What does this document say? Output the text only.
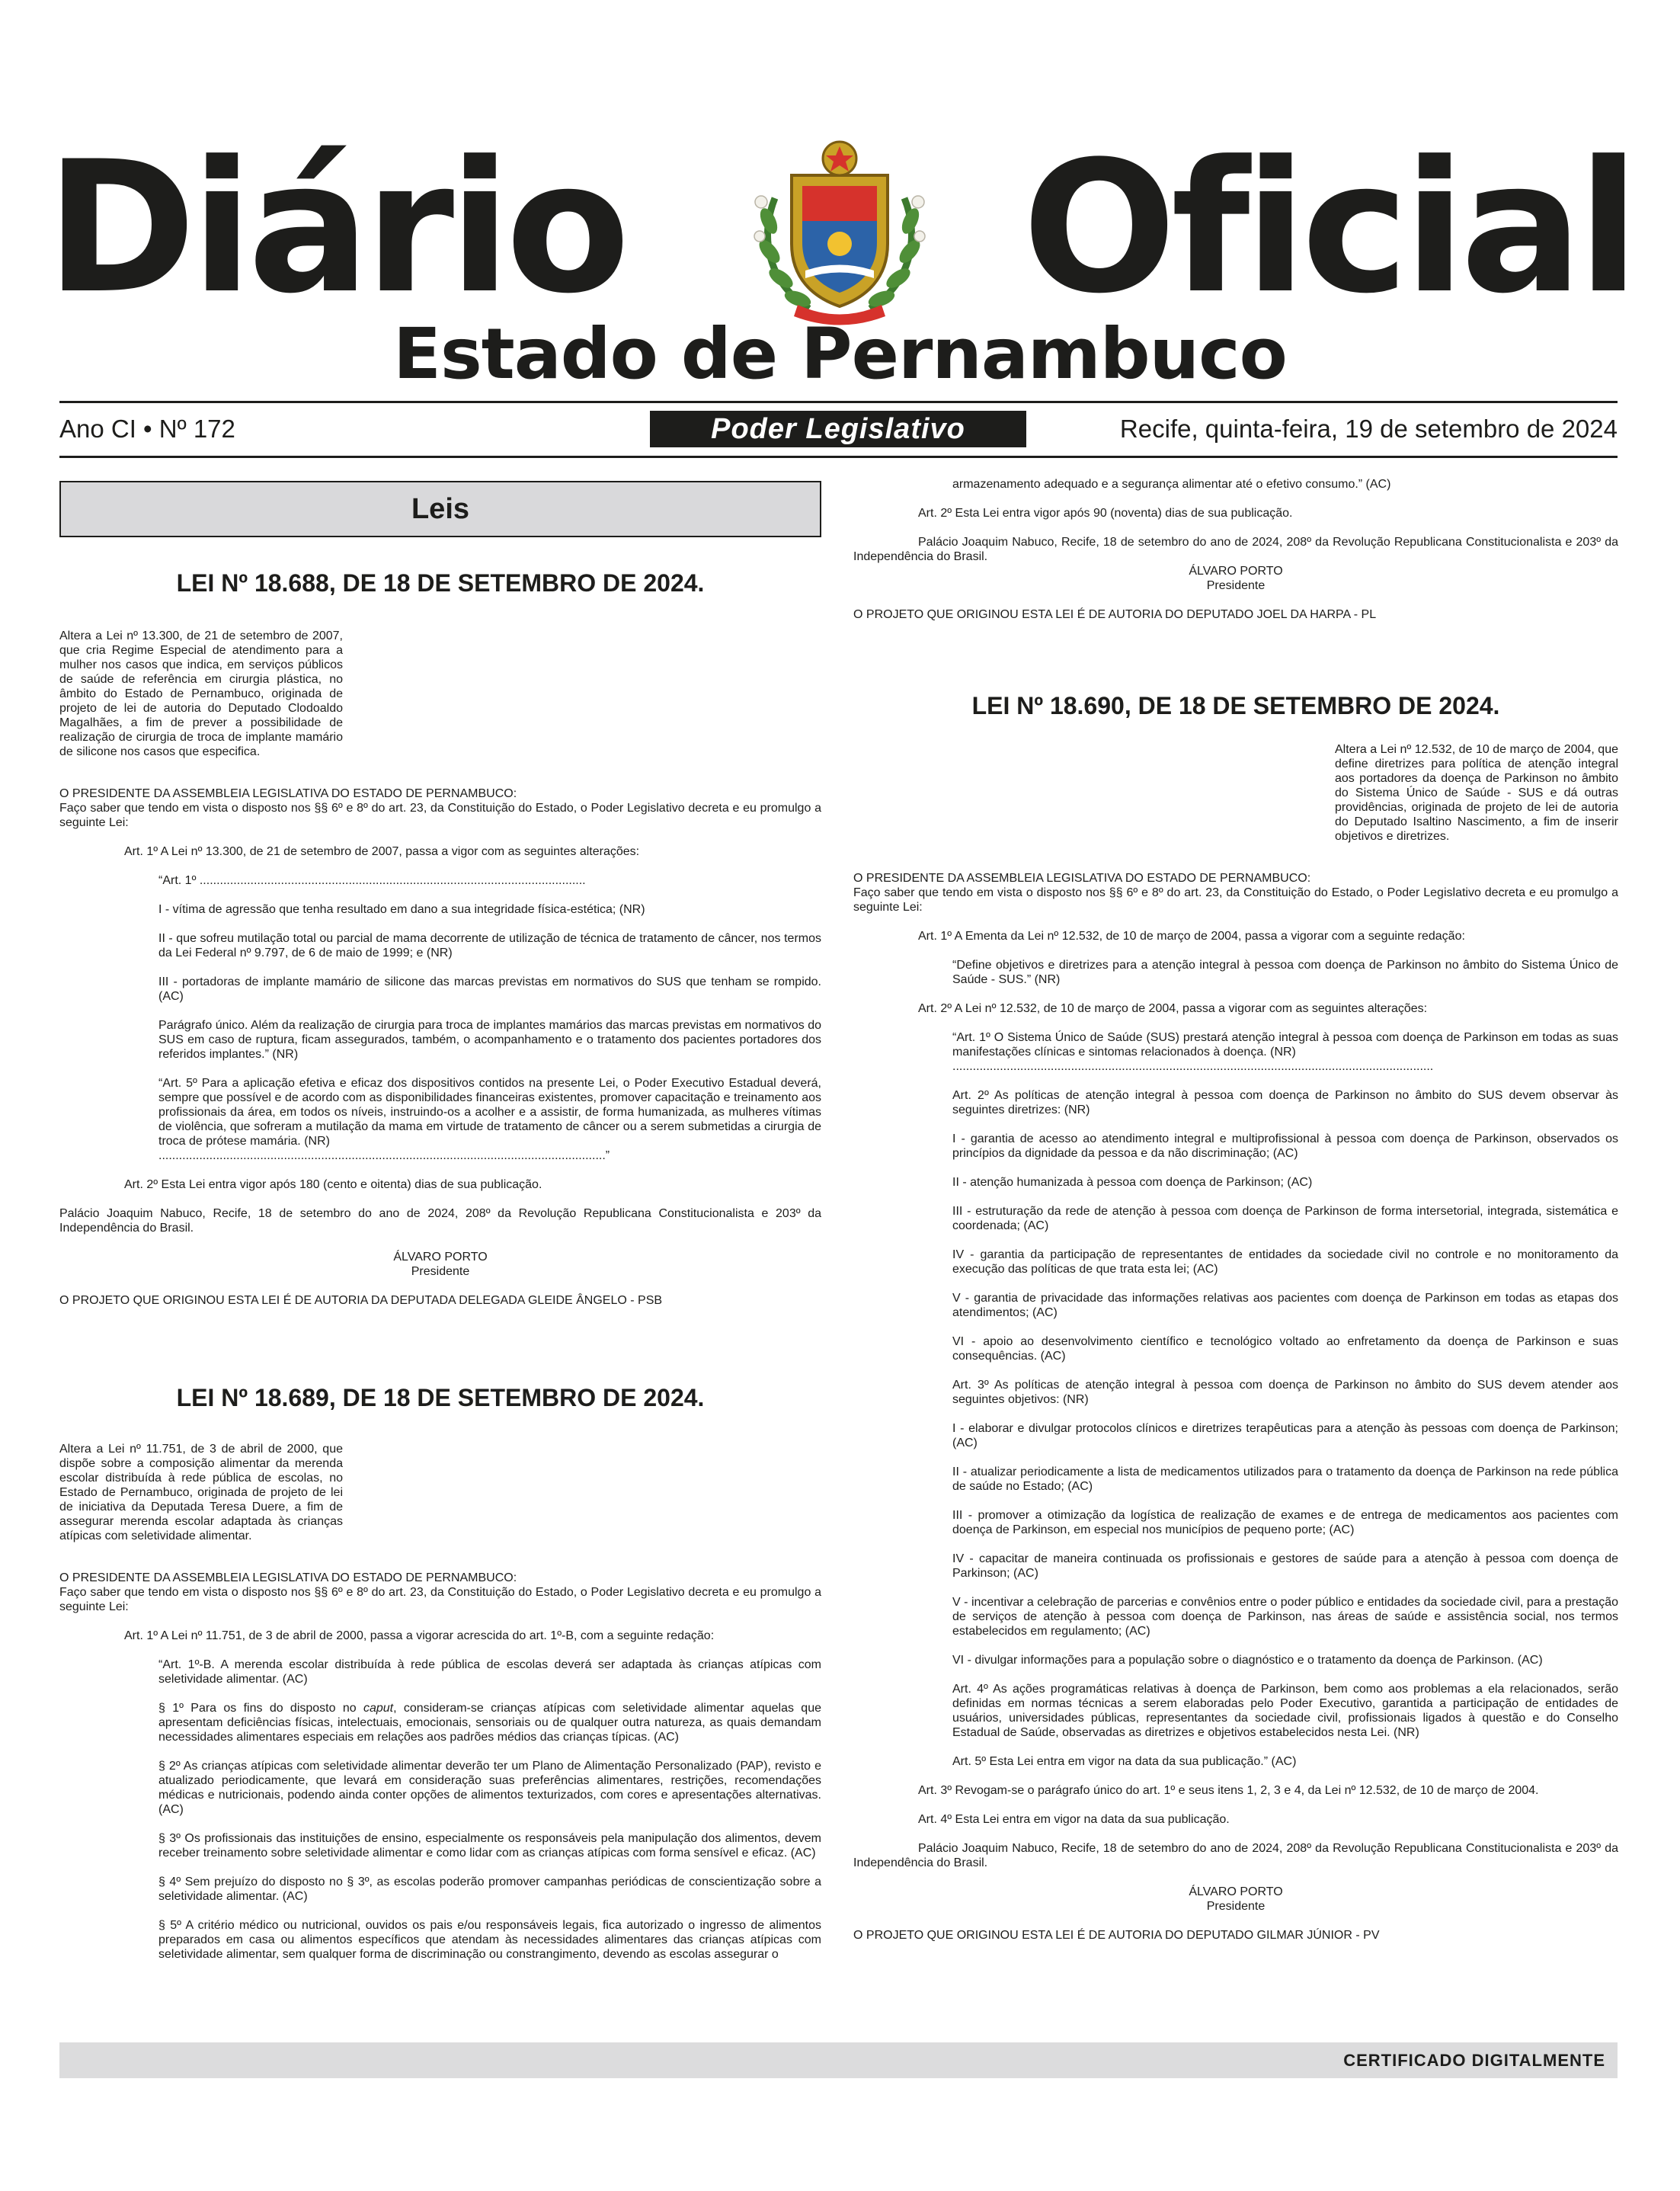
Diário Oficial
Estado de Pernambuco
Ano CI • Nº 172	Poder Legislativo	Recife, quinta-feira, 19 de setembro de 2024
Leis
LEI Nº 18.688, DE 18 DE SETEMBRO DE 2024.

Altera a Lei nº 13.300, de 21 de setembro de 2007, que cria Regime Especial de atendimento para a mulher nos casos que indica, em serviços públicos de saúde de referência em cirurgia plástica, no âmbito do Estado de Pernambuco, originada de projeto de lei de autoria do Deputado Clodoaldo Magalhães, a fim de prever a possibilidade de realização de cirurgia de troca de implante mamário de silicone nos casos que especifica.

O PRESIDENTE DA ASSEMBLEIA LEGISLATIVA DO ESTADO DE PERNAMBUCO:

Faço saber que tendo em vista o disposto nos §§ 6º e 8º do art. 23, da Constituição do Estado, o Poder Legislativo decreta e eu promulgo a seguinte Lei:

Art. 1º A Lei nº 13.300, de 21 de setembro de 2007, passa a vigor com as seguintes alterações:

“Art. 1º ..................................................................................................................

I - vítima de agressão que tenha resultado em dano a sua integridade física-estética; (NR)

II - que sofreu mutilação total ou parcial de mama decorrente de utilização de técnica de tratamento de câncer, nos termos da Lei Federal nº 9.797, de 6 de maio de 1999; e (NR)

III - portadoras de implante mamário de silicone das marcas previstas em normativos do SUS que tenham se rompido. (AC)

Parágrafo único. Além da realização de cirurgia para troca de implantes mamários das marcas previstas em normativos do SUS em caso de ruptura, ficam assegurados, também, o acompanhamento e o tratamento dos pacientes portadores dos referidos implantes.” (NR)

“Art. 5º Para a aplicação efetiva e eficaz dos dispositivos contidos na presente Lei, o Poder Executivo Estadual deverá, sempre que possível e de acordo com as disponibilidades financeiras existentes, promover capacitação e treinamento aos profissionais da área, em todos os níveis, instruindo-os a acolher e a assistir, de forma humanizada, as mulheres vítimas de violência, que sofreram a mutilação da mama em virtude de tratamento de câncer ou a serem submetidas a cirurgia de troca de prótese mamária. (NR)

....................................................................................................................................”

Art. 2º Esta Lei entra vigor após 180 (cento e oitenta) dias de sua publicação.

Palácio Joaquim Nabuco, Recife, 18 de setembro do ano de 2024, 208º da Revolução Republicana Constitucionalista e 203º da Independência do Brasil.

ÁLVARO PORTO

Presidente

O PROJETO QUE ORIGINOU ESTA LEI É DE AUTORIA DA DEPUTADA DELEGADA GLEIDE ÂNGELO - PSB

LEI Nº 18.689, DE 18 DE SETEMBRO DE 2024.

Altera a Lei nº 11.751, de 3 de abril de 2000, que dispõe sobre a composição alimentar da merenda escolar distribuída à rede pública de escolas, no Estado de Pernambuco, originada de projeto de lei de iniciativa da Deputada Teresa Duere, a fim de assegurar merenda escolar adaptada às crianças atípicas com seletividade alimentar.

O PRESIDENTE DA ASSEMBLEIA LEGISLATIVA DO ESTADO DE PERNAMBUCO:

Faço saber que tendo em vista o disposto nos §§ 6º e 8º do art. 23, da Constituição do Estado, o Poder Legislativo decreta e eu promulgo a seguinte Lei:

Art. 1º A Lei nº 11.751, de 3 de abril de 2000, passa a vigorar acrescida do art. 1º-B, com a seguinte redação:

“Art. 1º-B. A merenda escolar distribuída à rede pública de escolas deverá ser adaptada às crianças atípicas com seletividade alimentar. (AC)

§ 1º Para os fins do disposto no caput, consideram-se crianças atípicas com seletividade alimentar aquelas que apresentam deficiências físicas, intelectuais, emocionais, sensoriais ou de qualquer outra natureza, as quais demandam necessidades alimentares especiais em relações aos padrões médios das crianças típicas. (AC)

§ 2º As crianças atípicas com seletividade alimentar deverão ter um Plano de Alimentação Personalizado (PAP), revisto e atualizado periodicamente, que levará em consideração suas preferências alimentares, restrições, recomendações médicas e nutricionais, podendo ainda conter opções de alimentos texturizados, com cores e apresentações alternativas. (AC)

§ 3º Os profissionais das instituições de ensino, especialmente os responsáveis pela manipulação dos alimentos, devem receber treinamento sobre seletividade alimentar e como lidar com as crianças atípicas com forma sensível e eficaz. (AC)

§ 4º Sem prejuízo do disposto no § 3º, as escolas poderão promover campanhas periódicas de conscientização sobre a seletividade alimentar. (AC)

§ 5º A critério médico ou nutricional, ouvidos os pais e/ou responsáveis legais, fica autorizado o ingresso de alimentos preparados em casa ou alimentos específicos que atendam às necessidades alimentares das crianças atípicas com seletividade alimentar, sem qualquer forma de discriminação ou constrangimento, devendo as escolas assegurar o

armazenamento adequado e a segurança alimentar até o efetivo consumo.” (AC)

Art. 2º Esta Lei entra vigor após 90 (noventa) dias de sua publicação.

Palácio Joaquim Nabuco, Recife, 18 de setembro do ano de 2024, 208º da Revolução Republicana Constitucionalista e 203º da Independência do Brasil.

ÁLVARO PORTO

Presidente

O PROJETO QUE ORIGINOU ESTA LEI É DE AUTORIA DO DEPUTADO JOEL DA HARPA - PL

LEI Nº 18.690, DE 18 DE SETEMBRO DE 2024.

Altera a Lei nº 12.532, de 10 de março de 2004, que define diretrizes para política de atenção integral aos portadores da doença de Parkinson no âmbito do Sistema Único de Saúde - SUS e dá outras providências, originada de projeto de lei de autoria do Deputado Isaltino Nascimento, a fim de inserir objetivos e diretrizes.

O PRESIDENTE DA ASSEMBLEIA LEGISLATIVA DO ESTADO DE PERNAMBUCO:

Faço saber que tendo em vista o disposto nos §§ 6º e 8º do art. 23, da Constituição do Estado, o Poder Legislativo decreta e eu promulgo a seguinte Lei:

Art. 1º A Ementa da Lei nº 12.532, de 10 de março de 2004, passa a vigorar com a seguinte redação:

“Define objetivos e diretrizes para a atenção integral à pessoa com doença de Parkinson no âmbito do Sistema Único de Saúde - SUS.” (NR)

Art. 2º A Lei nº 12.532, de 10 de março de 2004, passa a vigorar com as seguintes alterações:

“Art. 1º O Sistema Único de Saúde (SUS) prestará atenção integral à pessoa com doença de Parkinson em todas as suas manifestações clínicas e sintomas relacionados à doença. (NR)

..............................................................................................................................................

Art. 2º As políticas de atenção integral à pessoa com doença de Parkinson no âmbito do SUS devem observar às seguintes diretrizes: (NR)

I - garantia de acesso ao atendimento integral e multiprofissional à pessoa com doença de Parkinson, observados os princípios da dignidade da pessoa e da não discriminação; (AC)

II - atenção humanizada à pessoa com doença de Parkinson; (AC)

III - estruturação da rede de atenção à pessoa com doença de Parkinson de forma intersetorial, integrada, sistemática e coordenada; (AC)

IV - garantia da participação de representantes de entidades da sociedade civil no controle e no monitoramento da execução das políticas de que trata esta lei; (AC)

V - garantia de privacidade das informações relativas aos pacientes com doença de Parkinson em todas as etapas dos atendimentos; (AC)

VI - apoio ao desenvolvimento científico e tecnológico voltado ao enfretamento da doença de Parkinson e suas consequências. (AC)

Art. 3º As políticas de atenção integral à pessoa com doença de Parkinson no âmbito do SUS devem atender aos seguintes objetivos: (NR)

I - elaborar e divulgar protocolos clínicos e diretrizes terapêuticas para a atenção às pessoas com doença de Parkinson; (AC)

II - atualizar periodicamente a lista de medicamentos utilizados para o tratamento da doença de Parkinson na rede pública de saúde no Estado; (AC)

III - promover a otimização da logística de realização de exames e de entrega de medicamentos aos pacientes com doença de Parkinson, em especial nos municípios de pequeno porte; (AC)

IV - capacitar de maneira continuada os profissionais e gestores de saúde para a atenção à pessoa com doença de Parkinson; (AC)

V - incentivar a celebração de parcerias e convênios entre o poder público e entidades da sociedade civil, para a prestação de serviços de atenção à pessoa com doença de Parkinson, nas áreas de saúde e assistência social, nos termos estabelecidos em regulamento; (AC)

VI - divulgar informações para a população sobre o diagnóstico e o tratamento da doença de Parkinson. (AC)

Art. 4º As ações programáticas relativas à doença de Parkinson, bem como aos problemas a ela relacionados, serão definidas em normas técnicas a serem elaboradas pelo Poder Executivo, garantida a participação de entidades de usuários, universidades públicas, representantes da sociedade civil, profissionais ligados à questão e do Conselho Estadual de Saúde, observadas as diretrizes e objetivos estabelecidos nesta Lei. (NR)

Art. 5º Esta Lei entra em vigor na data da sua publicação.” (AC)

Art. 3º Revogam-se o parágrafo único do art. 1º e seus itens 1, 2, 3 e 4, da Lei nº 12.532, de 10 de março de 2004.

Art. 4º Esta Lei entra em vigor na data da sua publicação.

Palácio Joaquim Nabuco, Recife, 18 de setembro do ano de 2024, 208º da Revolução Republicana Constitucionalista e 203º da Independência do Brasil.

ÁLVARO PORTO

Presidente

O PROJETO QUE ORIGINOU ESTA LEI É DE AUTORIA DO DEPUTADO GILMAR JÚNIOR - PV

CERTIFICADO DIGITALMENTE
